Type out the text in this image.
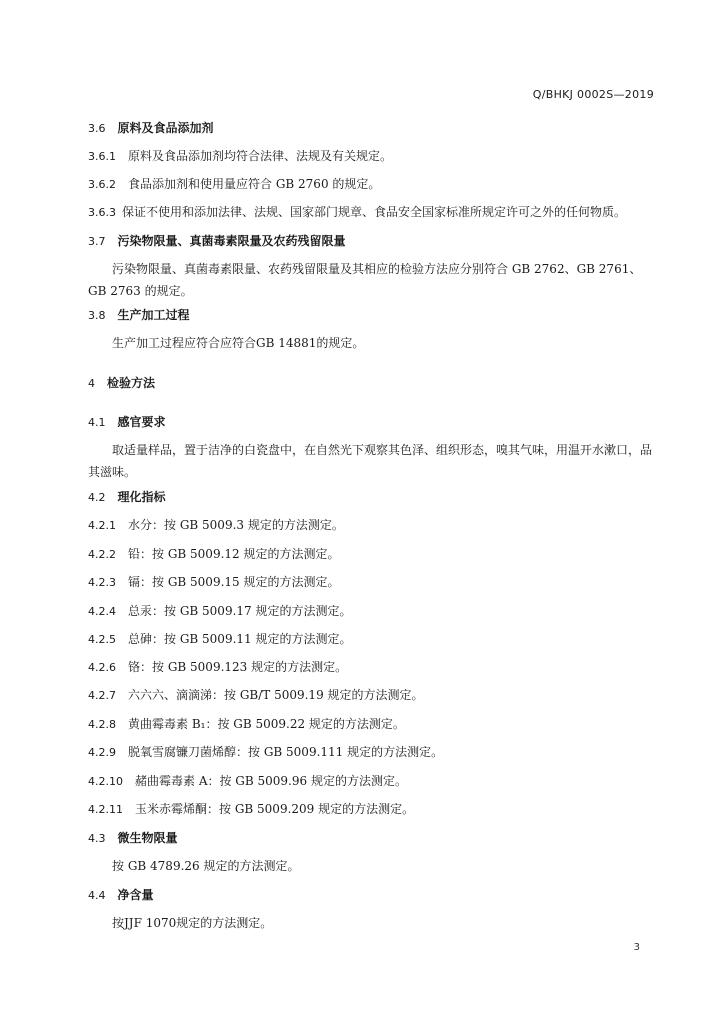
Q/BHKJ 0002S—2019
3.6 原料及食品添加剂
3.6.1 原料及食品添加剂均符合法律、法规及有关规定。
3.6.2 食品添加剂和使用量应符合 GB 2760 的规定。
3.6.3 保证不使用和添加法律、法规、国家部门规章、食品安全国家标准所规定许可之外的任何物质。
3.7 污染物限量、真菌毒素限量及农药残留限量
污染物限量、真菌毒素限量、农药残留限量及其相应的检验方法应分别符合 GB 2762、GB 2761、GB 2763 的规定。
3.8 生产加工过程
生产加工过程应符合应符合GB 14881的规定。
4 检验方法
4.1 感官要求
取适量样品，置于洁净的白瓷盘中，在自然光下观察其色泽、组织形态，嗅其气味，用温开水漱口，品其滋味。
4.2 理化指标
4.2.1 水分：按 GB 5009.3 规定的方法测定。
4.2.2 铅：按 GB 5009.12 规定的方法测定。
4.2.3 镉：按 GB 5009.15 规定的方法测定。
4.2.4 总汞：按 GB 5009.17 规定的方法测定。
4.2.5 总砷：按 GB 5009.11 规定的方法测定。
4.2.6 铬：按 GB 5009.123 规定的方法测定。
4.2.7 六六六、滴滴涕：按 GB/T 5009.19 规定的方法测定。
4.2.8 黄曲霉毒素 B₁：按 GB 5009.22 规定的方法测定。
4.2.9 脱氧雪腐镰刀菌烯醇：按 GB 5009.111 规定的方法测定。
4.2.10 赭曲霉毒素 A：按 GB 5009.96 规定的方法测定。
4.2.11 玉米赤霉烯酮：按 GB 5009.209 规定的方法测定。
4.3 微生物限量
按 GB 4789.26 规定的方法测定。
4.4 净含量
按JJF 1070规定的方法测定。
3
